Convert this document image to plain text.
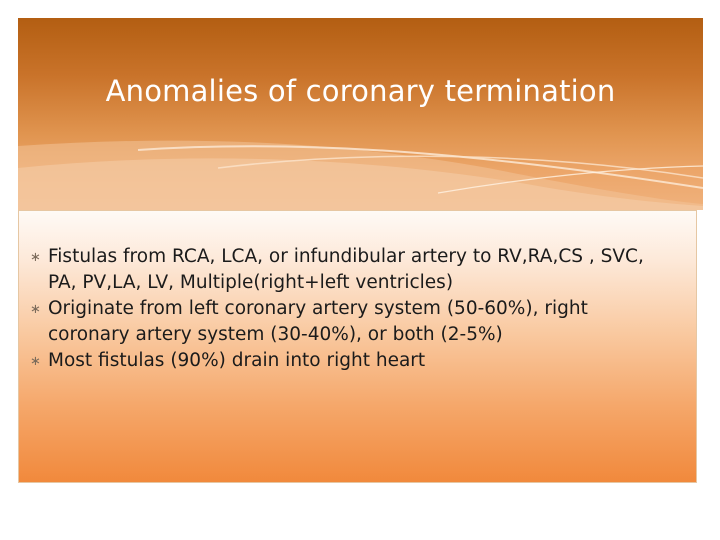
Anomalies of coronary termination
∗ Fistulas from RCA, LCA, or infundibular artery to RV,RA,CS , SVC, PA, PV,LA, LV, Multiple(right+left ventricles)
∗ Originate from left coronary artery system (50-60%), right coronary artery system (30-40%), or both (2-5%)
∗ Most fistulas (90%) drain into right heart
